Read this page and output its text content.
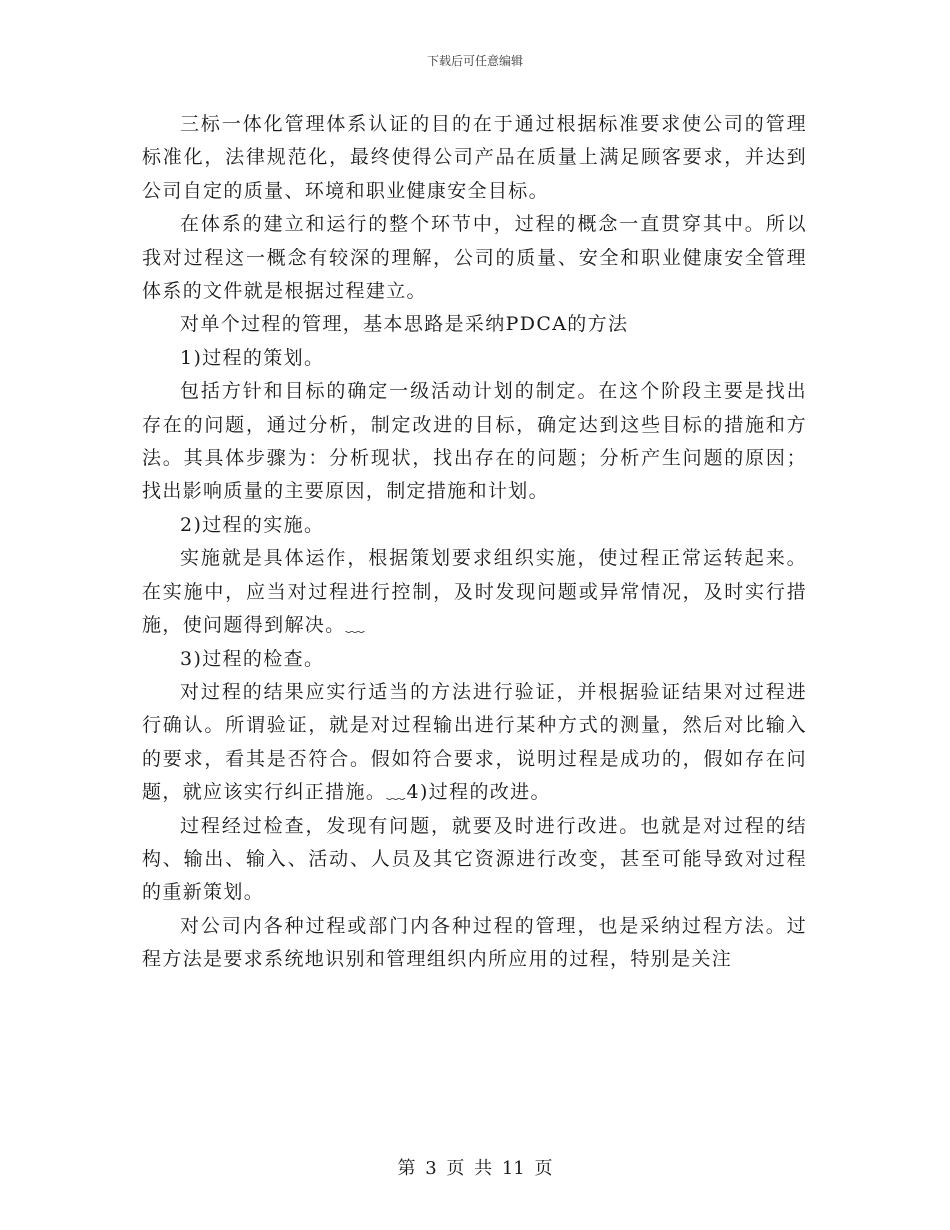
下载后可任意编辑

三标一体化管理体系认证的目的在于通过根据标准要求使公司的管理标准化，法律规范化，最终使得公司产品在质量上满足顾客要求，并达到公司自定的质量、环境和职业健康安全目标。

在体系的建立和运行的整个环节中，过程的概念一直贯穿其中。所以我对过程这一概念有较深的理解，公司的质量、安全和职业健康安全管理体系的文件就是根据过程建立。

对单个过程的管理，基本思路是采纳PDCA的方法

1)过程的策划。

包括方针和目标的确定一级活动计划的制定。在这个阶段主要是找出存在的问题，通过分析，制定改进的目标，确定达到这些目标的措施和方法。其具体步骤为：分析现状，找出存在的问题；分析产生问题的原因；找出影响质量的主要原因，制定措施和计划。

2)过程的实施。

实施就是具体运作，根据策划要求组织实施，使过程正常运转起来。在实施中，应当对过程进行控制，及时发现问题或异常情况，及时实行措施，使问题得到解决。﹏

3)过程的检查。

对过程的结果应实行适当的方法进行验证，并根据验证结果对过程进行确认。所谓验证，就是对过程输出进行某种方式的测量，然后对比输入的要求，看其是否符合。假如符合要求，说明过程是成功的，假如存在问题，就应该实行纠正措施。﹏4)过程的改进。

过程经过检查，发现有问题，就要及时进行改进。也就是对过程的结构、输出、输入、活动、人员及其它资源进行改变，甚至可能导致对过程的重新策划。

对公司内各种过程或部门内各种过程的管理，也是采纳过程方法。过程方法是要求系统地识别和管理组织内所应用的过程，特别是关注

第 3 页 共 11 页
